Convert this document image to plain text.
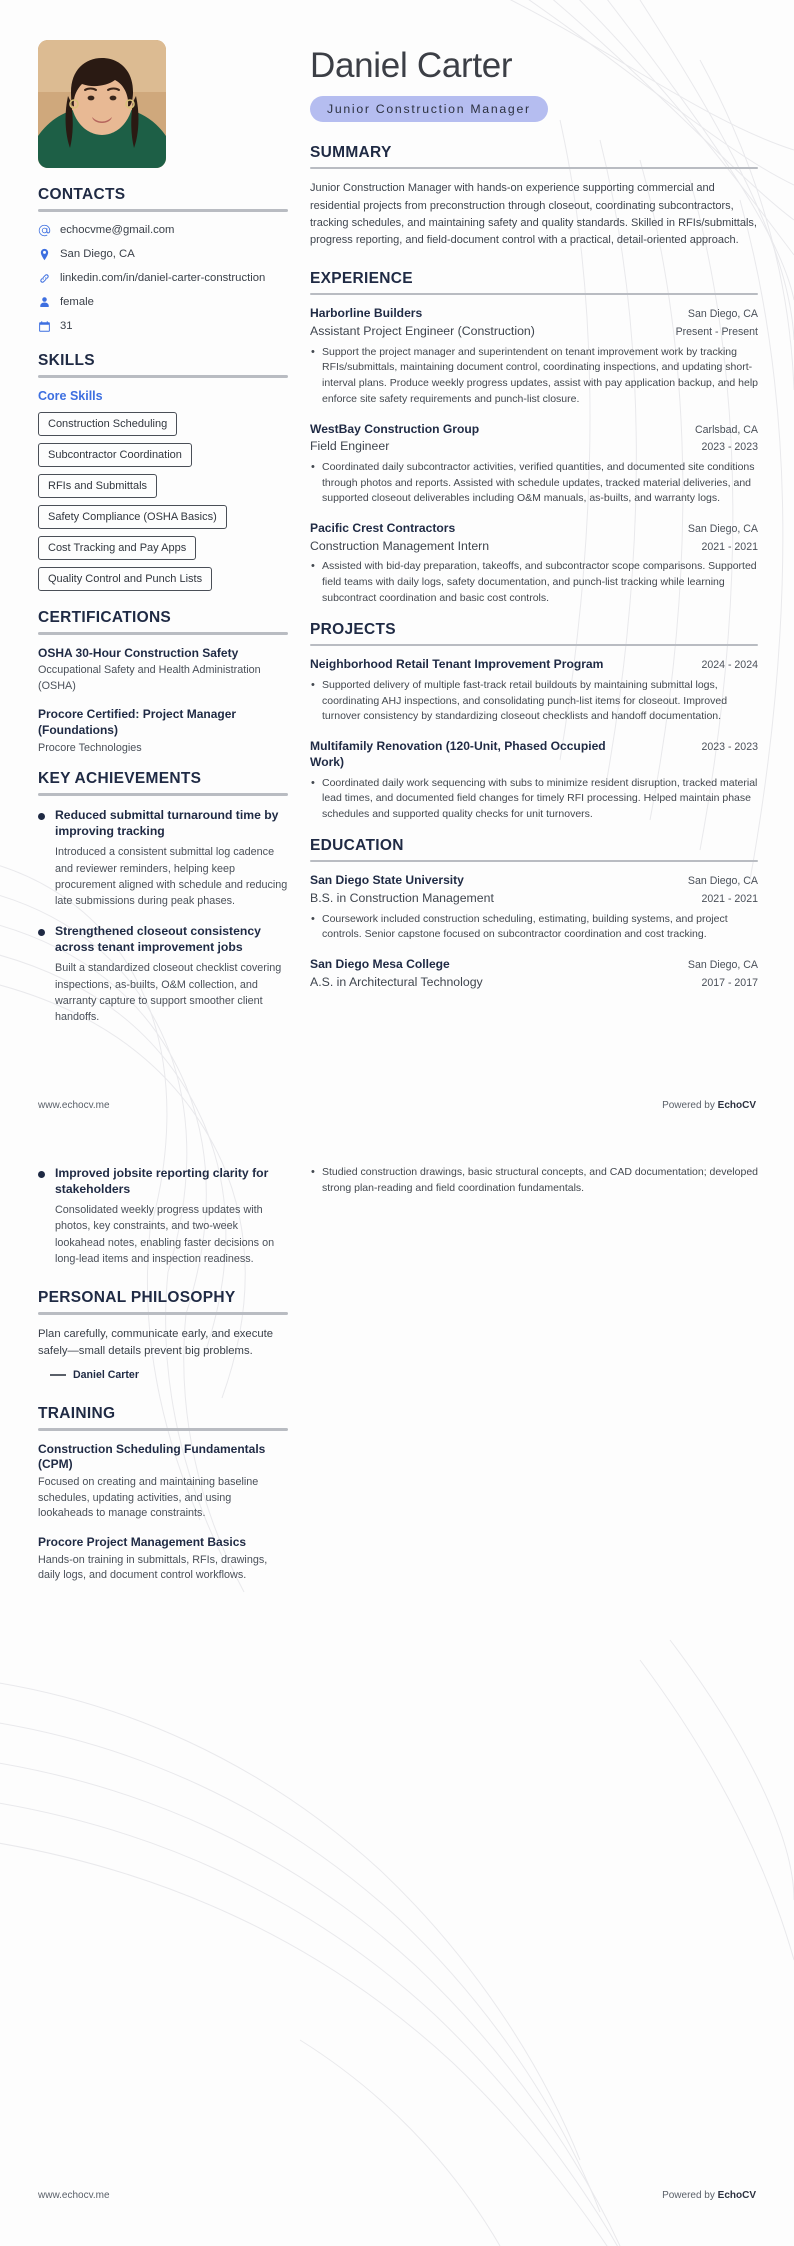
CONTACTS
echocvme@gmail.com
San Diego, CA
linkedin.com/in/daniel-carter-construction
female
31
SKILLS
Core Skills
Construction Scheduling
Subcontractor Coordination
RFIs and Submittals
Safety Compliance (OSHA Basics)
Cost Tracking and Pay Apps
Quality Control and Punch Lists
CERTIFICATIONS
OSHA 30-Hour Construction Safety
Occupational Safety and Health Administration (OSHA)
Procore Certified: Project Manager (Foundations)
Procore Technologies
KEY ACHIEVEMENTS
Reduced submittal turnaround time by improving tracking
Introduced a consistent submittal log cadence and reviewer reminders, helping keep procurement aligned with schedule and reducing late submissions during peak phases.
Strengthened closeout consistency across tenant improvement jobs
Built a standardized closeout checklist covering inspections, as-builts, O&M collection, and warranty capture to support smoother client handoffs.
Improved jobsite reporting clarity for stakeholders
Consolidated weekly progress updates with photos, key constraints, and two-week lookahead notes, enabling faster decisions on long-lead items and inspection readiness.
PERSONAL PHILOSOPHY
Plan carefully, communicate early, and execute safely—small details prevent big problems.
Daniel Carter
TRAINING
Construction Scheduling Fundamentals (CPM)
Focused on creating and maintaining baseline schedules, updating activities, and using lookaheads to manage constraints.
Procore Project Management Basics
Hands-on training in submittals, RFIs, drawings, daily logs, and document control workflows.
Daniel Carter
Junior Construction Manager
SUMMARY

Junior Construction Manager with hands-on experience supporting commercial and residential projects from preconstruction through closeout, coordinating subcontractors, tracking schedules, and maintaining safety and quality standards. Skilled in RFIs/submittals, progress reporting, and field-document control with a practical, detail-oriented approach.

EXPERIENCE
Harborline Builders	San Diego, CA
Assistant Project Engineer (Construction)	Present - Present
• Support the project manager and superintendent on tenant improvement work by tracking RFIs/submittals, maintaining document control, coordinating inspections, and updating short-interval plans. Produce weekly progress updates, assist with pay application backup, and help enforce site safety requirements and punch-list closure.
WestBay Construction Group	Carlsbad, CA
Field Engineer	2023 - 2023
• Coordinated daily subcontractor activities, verified quantities, and documented site conditions through photos and reports. Assisted with schedule updates, tracked material deliveries, and supported closeout deliverables including O&M manuals, as-builts, and warranty logs.
Pacific Crest Contractors	San Diego, CA
Construction Management Intern	2021 - 2021
• Assisted with bid-day preparation, takeoffs, and subcontractor scope comparisons. Supported field teams with daily logs, safety documentation, and punch-list tracking while learning subcontract coordination and basic cost controls.
PROJECTS
Neighborhood Retail Tenant Improvement Program	2024 - 2024
• Supported delivery of multiple fast-track retail buildouts by maintaining submittal logs, coordinating AHJ inspections, and consolidating punch-list items for closeout. Improved turnover consistency by standardizing closeout checklists and handoff documentation.
Multifamily Renovation (120-Unit, Phased Occupied Work)
2023 - 2023
• Coordinated daily work sequencing with subs to minimize resident disruption, tracked material lead times, and documented field changes for timely RFI processing. Helped maintain phase schedules and supported quality checks for unit turnovers.
EDUCATION
San Diego State University	San Diego, CA
B.S. in Construction Management	2021 - 2021
• Coursework included construction scheduling, estimating, building systems, and project controls. Senior capstone focused on subcontractor coordination and cost tracking.
San Diego Mesa College	San Diego, CA
A.S. in Architectural Technology	2017 - 2017
• Studied construction drawings, basic structural concepts, and CAD documentation; developed strong plan-reading and field coordination fundamentals.
www.echocv.me	Powered by EchoCV
www.echocv.me	Powered by EchoCV
